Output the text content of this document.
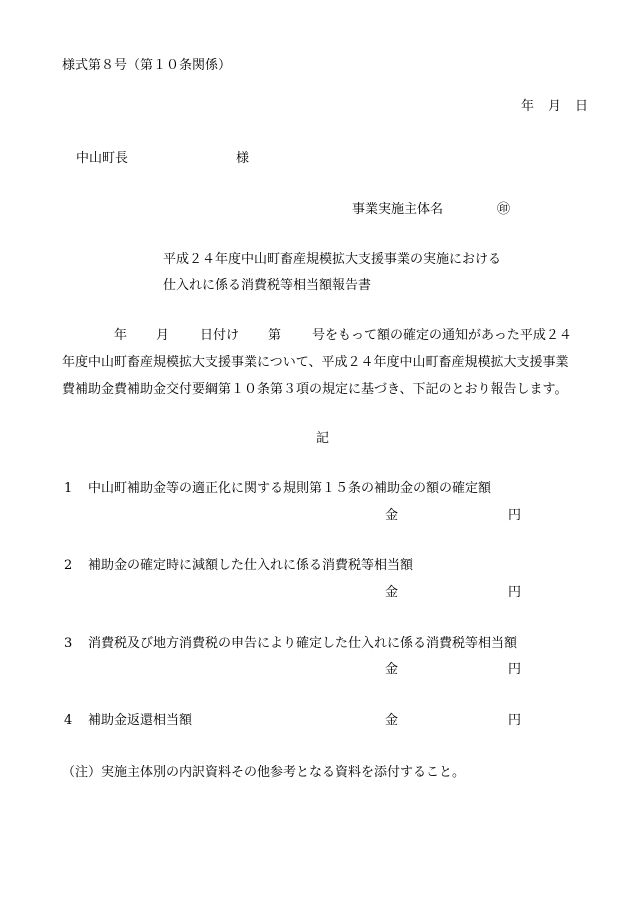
様式第８号（第１０条関係）
年 月 日
中山町長	様
事業実施主体名	㊞
平成２４年度中山町畜産規模拡大支援事業の実施における
仕入れに係る消費税等相当額報告書
年 月 日付け 第 号をもって額の確定の通知があった平成２４
年度中山町畜産規模拡大支援事業について、平成２４年度中山町畜産規模拡大支援事業
費補助金費補助金交付要綱第１０条第３項の規定に基づき、下記のとおり報告します。
記
1 中山町補助金等の適正化に関する規則第１５条の補助金の額の確定額
金	円
2 補助金の確定時に減額した仕入れに係る消費税等相当額
金	円
3 消費税及び地方消費税の申告により確定した仕入れに係る消費税等相当額
金	円
4 補助金返還相当額	金	円
（注）実施主体別の内訳資料その他参考となる資料を添付すること。
